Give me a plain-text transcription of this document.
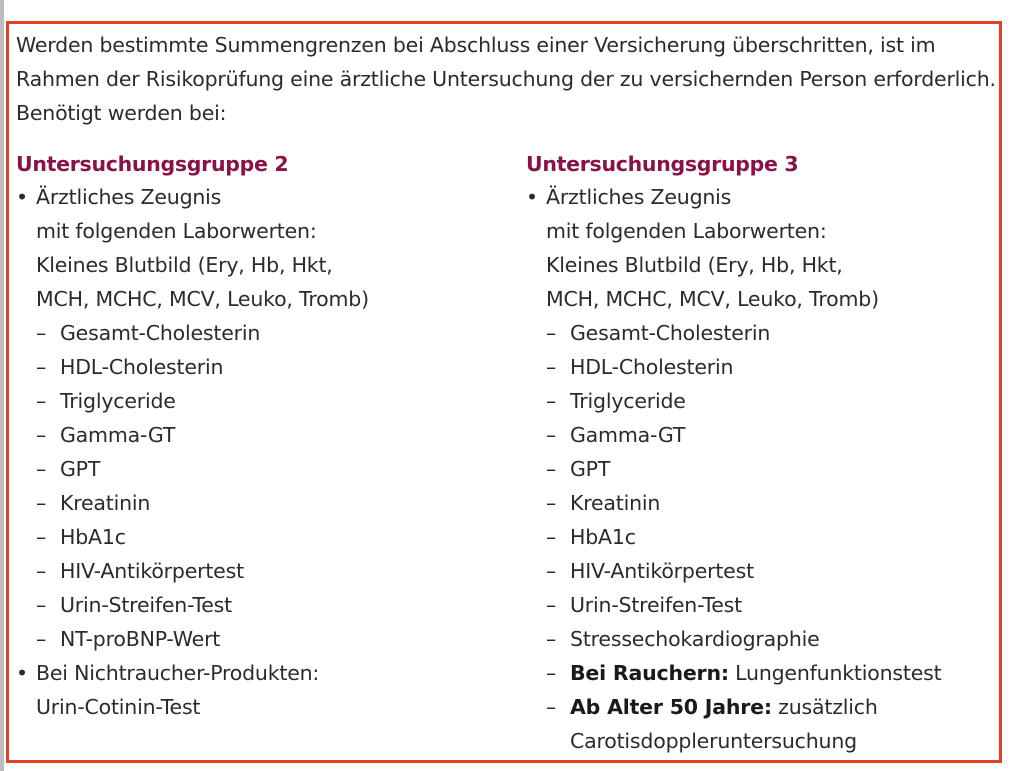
Werden bestimmte Summengrenzen bei Abschluss einer Versicherung überschritten, ist im Rahmen der Risikoprüfung eine ärztliche Untersuchung der zu versichernden Person erforderlich. Benötigt werden bei:

Untersuchungsgruppe 2
• Ärztliches Zeugnis
mit folgenden Laborwerten:
Kleines Blutbild (Ery, Hb, Hkt,
MCH, MCHC, MCV, Leuko, Tromb)
– Gesamt-Cholesterin
– HDL-Cholesterin
– Triglyceride
– Gamma-GT
– GPT
– Kreatinin
– HbA1c
– HIV-Antikörpertest
– Urin-Streifen-Test
– NT-proBNP-Wert
• Bei Nichtraucher-Produkten:
Urin-Cotinin-Test
Untersuchungsgruppe 3
• Ärztliches Zeugnis
mit folgenden Laborwerten:
Kleines Blutbild (Ery, Hb, Hkt,
MCH, MCHC, MCV, Leuko, Tromb)
– Gesamt-Cholesterin
– HDL-Cholesterin
– Triglyceride
– Gamma-GT
– GPT
– Kreatinin
– HbA1c
– HIV-Antikörpertest
– Urin-Streifen-Test
– Stressechokardiographie
– Bei Rauchern: Lungenfunktionstest
– Ab Alter 50 Jahre: zusätzlich
Carotisdoppleruntersuchung
